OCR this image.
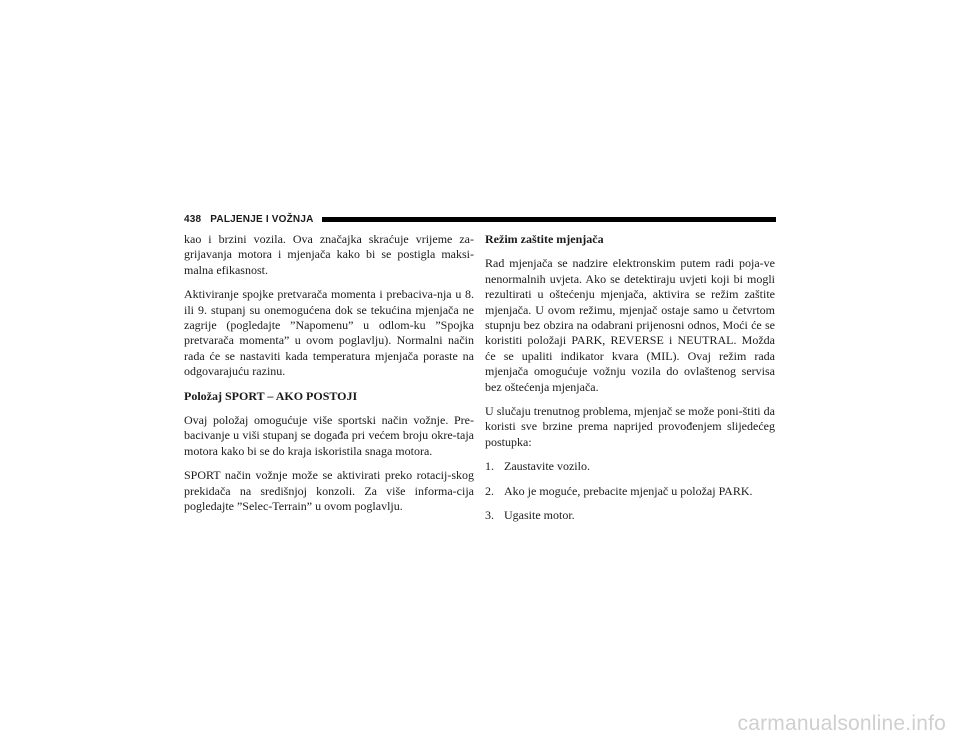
438 PALJENJE I VOŽNJA

kao i brzini vozila. Ova značajka skraćuje vrijeme za-grijavanja motora i mjenjača kako bi se postigla maksi-malna efikasnost.

Aktiviranje spojke pretvarača momenta i prebaciva-nja u 8. ili 9. stupanj su onemogućena dok se tekućina mjenjača ne zagrije (pogledajte ”Napomenu” u odlom-ku ”Spojka pretvarača momenta” u ovom poglavlju). Normalni način rada će se nastaviti kada temperatura mjenjača poraste na odgovarajuću razinu.

Položaj SPORT – AKO POSTOJI

Ovaj položaj omogućuje više sportski način vožnje. Pre-bacivanje u viši stupanj se događa pri većem broju okre-taja motora kako bi se do kraja iskoristila snaga motora.

SPORT način vožnje može se aktivirati preko rotacij-skog prekidača na središnjoj konzoli. Za više informa-cija pogledajte ”Selec-Terrain” u ovom poglavlju.

Režim zaštite mjenjača

Rad mjenjača se nadzire elektronskim putem radi poja-ve nenormalnih uvjeta. Ako se detektiraju uvjeti koji bi mogli rezultirati u oštećenju mjenjača, aktivira se režim zaštite mjenjača. U ovom režimu, mjenjač ostaje samo u četvrtom stupnju bez obzira na odabrani prijenosni odnos, Moći će se koristiti položaji PARK, REVERSE i NEUTRAL. Možda će se upaliti indikator kvara (MIL). Ovaj režim rada mjenjača omogućuje vožnju vozila do ovlaštenog servisa bez oštećenja mjenjača.

U slučaju trenutnog problema, mjenjač se može poni-štiti da koristi sve brzine prema naprijed provođenjem slijedećeg postupka:

1. Zaustavite vozilo.
2. Ako je moguće, prebacite mjenjač u položaj PARK.
3. Ugasite motor.
carmanualsonline.info
